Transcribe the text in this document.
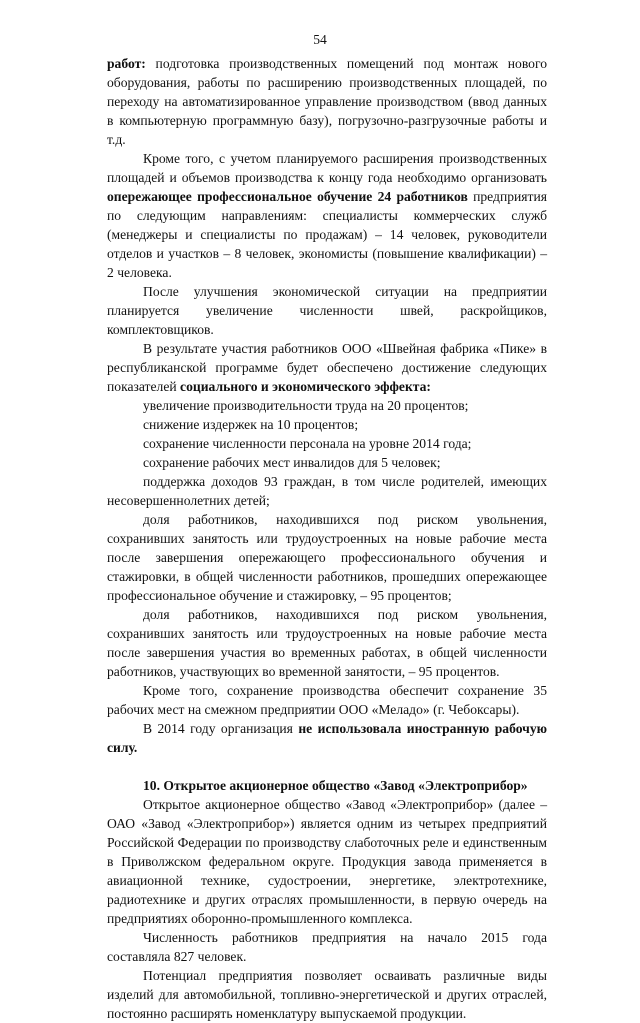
54

работ: подготовка производственных помещений под монтаж нового оборудования, работы по расширению производственных площадей, по переходу на автоматизированное управление производством (ввод данных в компьютерную программную базу), погрузочно-разгрузочные работы и т.д.

Кроме того, с учетом планируемого расширения производственных площадей и объемов производства к концу года необходимо организовать опережающее профессиональное обучение 24 работников предприятия по следующим направлениям: специалисты коммерческих служб (менеджеры и специалисты по продажам) – 14 человек, руководители отделов и участков – 8 человек, экономисты (повышение квалификации) – 2 человека.

После улучшения экономической ситуации на предприятии планируется увеличение численности швей, раскройщиков, комплектовщиков.

В результате участия работников ООО «Швейная фабрика «Пике» в республиканской программе будет обеспечено достижение следующих показателей социального и экономического эффекта:

увеличение производительности труда на 20 процентов;

снижение издержек на 10 процентов;

сохранение численности персонала на уровне 2014 года;

сохранение рабочих мест инвалидов для 5 человек;

поддержка доходов 93 граждан, в том числе родителей, имеющих несовершеннолетних детей;

доля работников, находившихся под риском увольнения, сохранивших занятость или трудоустроенных на новые рабочие места после завершения опережающего профессионального обучения и стажировки, в общей численности работников, прошедших опережающее профессиональное обучение и стажировку, – 95 процентов;

доля работников, находившихся под риском увольнения, сохранивших занятость или трудоустроенных на новые рабочие места после завершения участия во временных работах, в общей численности работников, участвующих во временной занятости, – 95 процентов.

Кроме того, сохранение производства обеспечит сохранение 35 рабочих мест на смежном предприятии ООО «Меладо» (г. Чебоксары).

В 2014 году организация не использовала иностранную рабочую силу.

10. Открытое акционерное общество «Завод «Электроприбор»

Открытое акционерное общество «Завод «Электроприбор» (далее – ОАО «Завод «Электроприбор») является одним из четырех предприятий Российской Федерации по производству слаботочных реле и единственным в Приволжском федеральном округе. Продукция завода применяется в авиационной технике, судостроении, энергетике, электротехнике, радиотехнике и других отраслях промышленности, в первую очередь на предприятиях оборонно-промышленного комплекса.

Численность работников предприятия на начало 2015 года составляла 827 человек.

Потенциал предприятия позволяет осваивать различные виды изделий для автомобильной, топливно-энергетической и других отраслей, постоянно расширять номенклатуру выпускаемой продукции.
